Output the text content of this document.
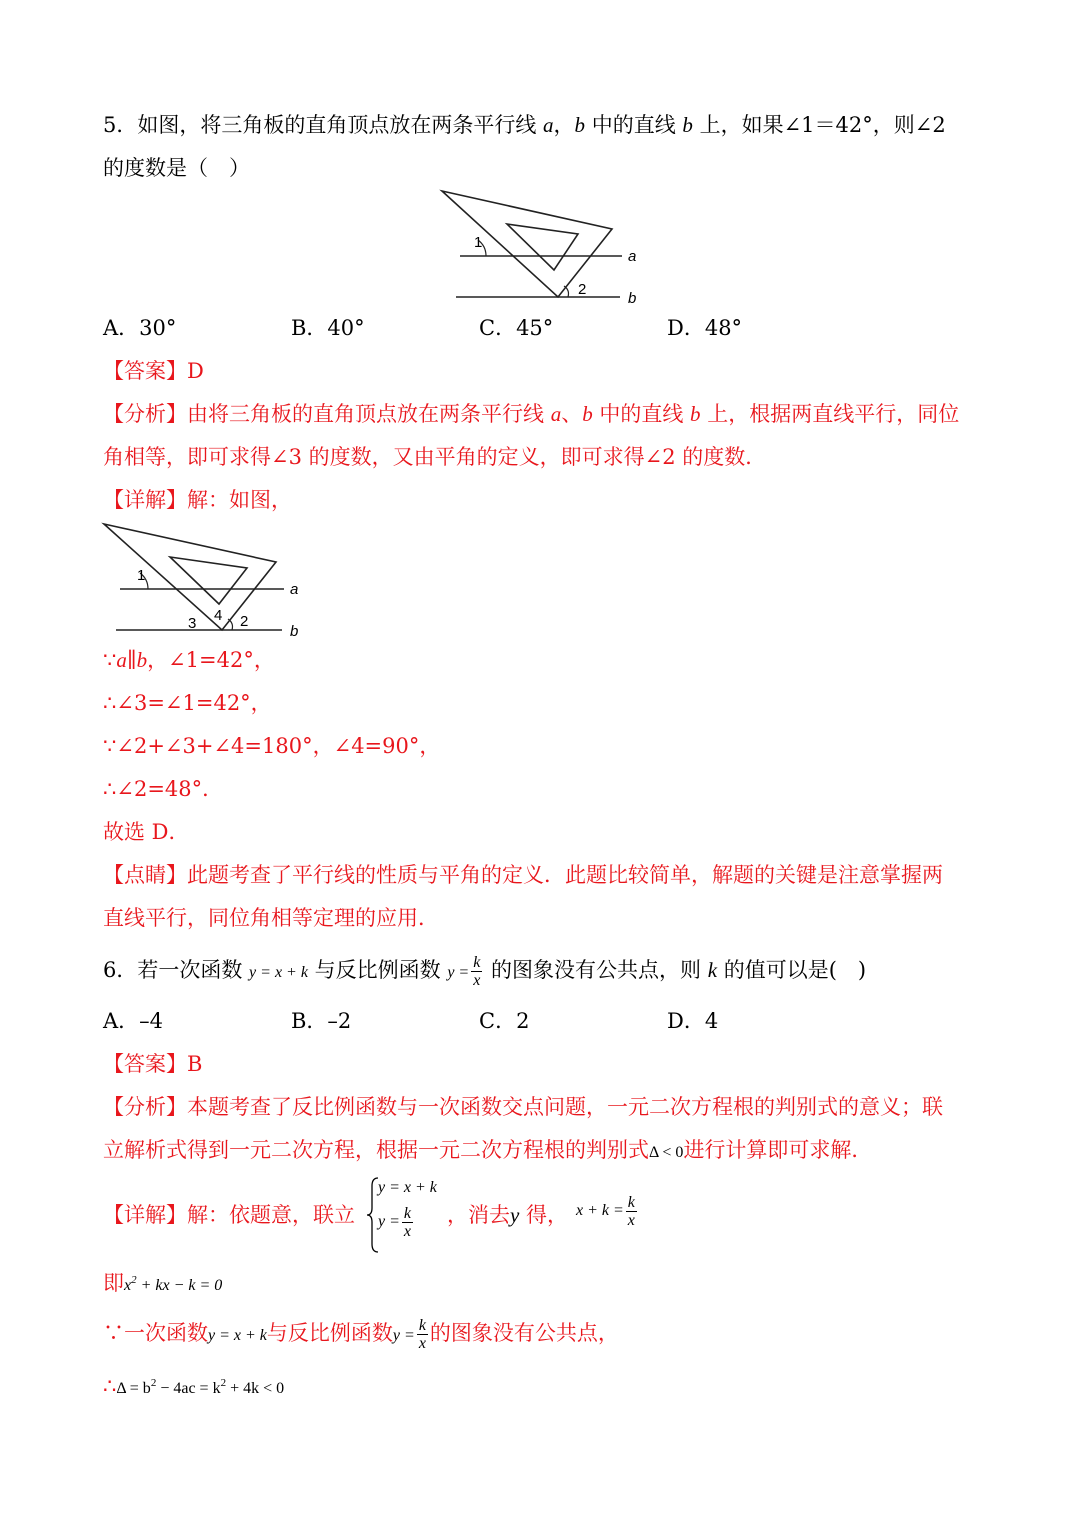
5．如图，将三角板的直角顶点放在两条平行线 a，b 中的直线 b 上，如果∠1＝42°，则∠2
的度数是（　）
1
2
a
b
A．30°	B．40°	C．45°	D．48°
【答案】D
【分析】由将三角板的直角顶点放在两条平行线 a、b 中的直线 b 上，根据两直线平行，同位
角相等，即可求得∠3 的度数，又由平角的定义，即可求得∠2 的度数．
【详解】解：如图，
1
2
3 4
a
b
∵a∥b，∠1=42°，
∴∠3=∠1=42°，
∵∠2+∠3+∠4=180°，∠4=90°，
∴∠2=48°．
故选 D．
【点睛】此题考查了平行线的性质与平角的定义．此题比较简单，解题的关键是注意掌握两
直线平行，同位角相等定理的应用．
6．若一次函数 y = x + k 与反比例函数 $y = \frac{k}{x}$ 的图象没有公共点，则 k 的值可以是(　)
A．–4	B．–2	C．2	D．4
【答案】B
【分析】本题考查了反比例函数与一次函数交点问题，一元二次方程根的判别式的意义；联
立解析式得到一元二次方程，根据一元二次方程根的判别式Δ < 0进行计算即可求解．
【详解】解：依题意，联立
y = x + k
$y = \frac{k}{x}$ ，消去y 得， $x + k = \frac{k}{x}$
即$x^2$ + kx − k = 0
∵一次函数y = x + k与反比例函数$y = \frac{k}{x}$ 的图象没有公共点，
∴Δ = $b^2 - 4ac = k^2 + 4k < 0$
